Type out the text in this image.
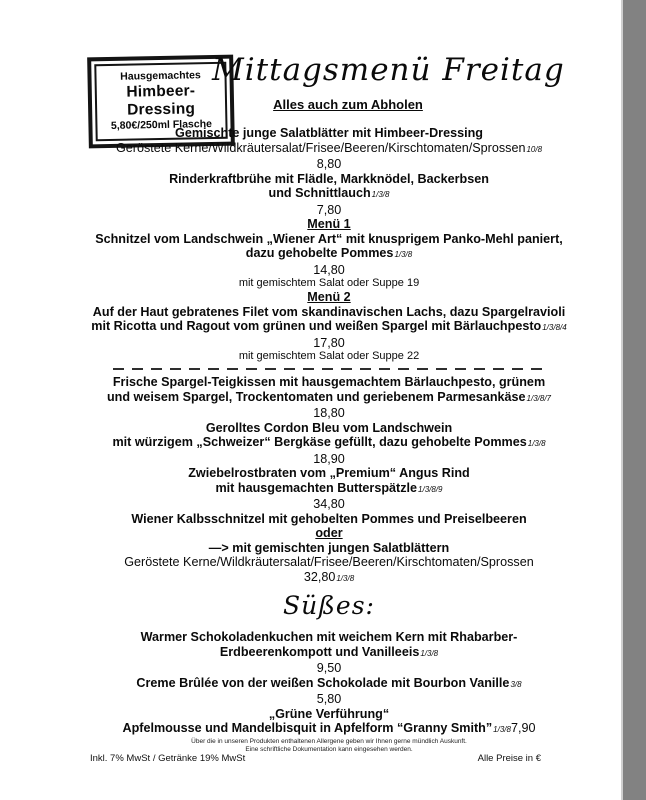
Hausgemachtes
Himbeer-Dressing
5,80€/250ml Flasche
Mittagsmenü Freitag
Alles auch zum Abholen
Gemischte junge Salatblätter mit Himbeer-Dressing
Geröstete Kerne/Wildkräutersalat/Frisee/Beeren/Kirschtomaten/Sprossen10/8
8,80
Rinderkraftbrühe mit Flädle, Markknödel, Backerbsen
und Schnittlauch1/3/8
7,80
Menü 1
Schnitzel vom Landschwein „Wiener Art“ mit knusprigem Panko-Mehl paniert,
dazu gehobelte Pommes1/3/8
14,80
mit gemischtem Salat oder Suppe 19
Menü 2
Auf der Haut gebratenes Filet vom skandinavischen Lachs, dazu Spargelravioli
mit Ricotta und Ragout vom grünen und weißen Spargel mit Bärlauchpesto1/3/8/4
17,80
mit gemischtem Salat oder Suppe 22
Frische Spargel-Teigkissen mit hausgemachtem Bärlauchpesto, grünem
und weisem Spargel, Trockentomaten und geriebenem Parmesankäse1/3/8/7
18,80
Gerolltes Cordon Bleu vom Landschwein
mit würzigem „Schweizer“ Bergkäse gefüllt, dazu gehobelte Pommes1/3/8
18,90
Zwiebelrostbraten vom „Premium“ Angus Rind
mit hausgemachten Butterspätzle1/3/8/9
34,80
Wiener Kalbsschnitzel mit gehobelten Pommes und Preiselbeeren
oder
—> mit gemischten jungen Salatblättern
Geröstete Kerne/Wildkräutersalat/Frisee/Beeren/Kirschtomaten/Sprossen
32,801/3/8
Süßes:
Warmer Schokoladenkuchen mit weichem Kern mit Rhabarber-
Erdbeerenkompott und Vanilleeis1/3/8
9,50
Creme Brûlée von der weißen Schokolade mit Bourbon Vanille3/8
5,80
„Grüne Verführung“
Apfelmousse und Mandelbisquit in Apfelform “Granny Smith”1/3/87,90
Über die in unseren Produkten enthaltenen Allergene geben wir Ihnen gerne mündlich Auskunft.
Eine schriftliche Dokumentation kann eingesehen werden.
Inkl. 7% MwSt / Getränke 19% MwSt	Alle Preise in €
